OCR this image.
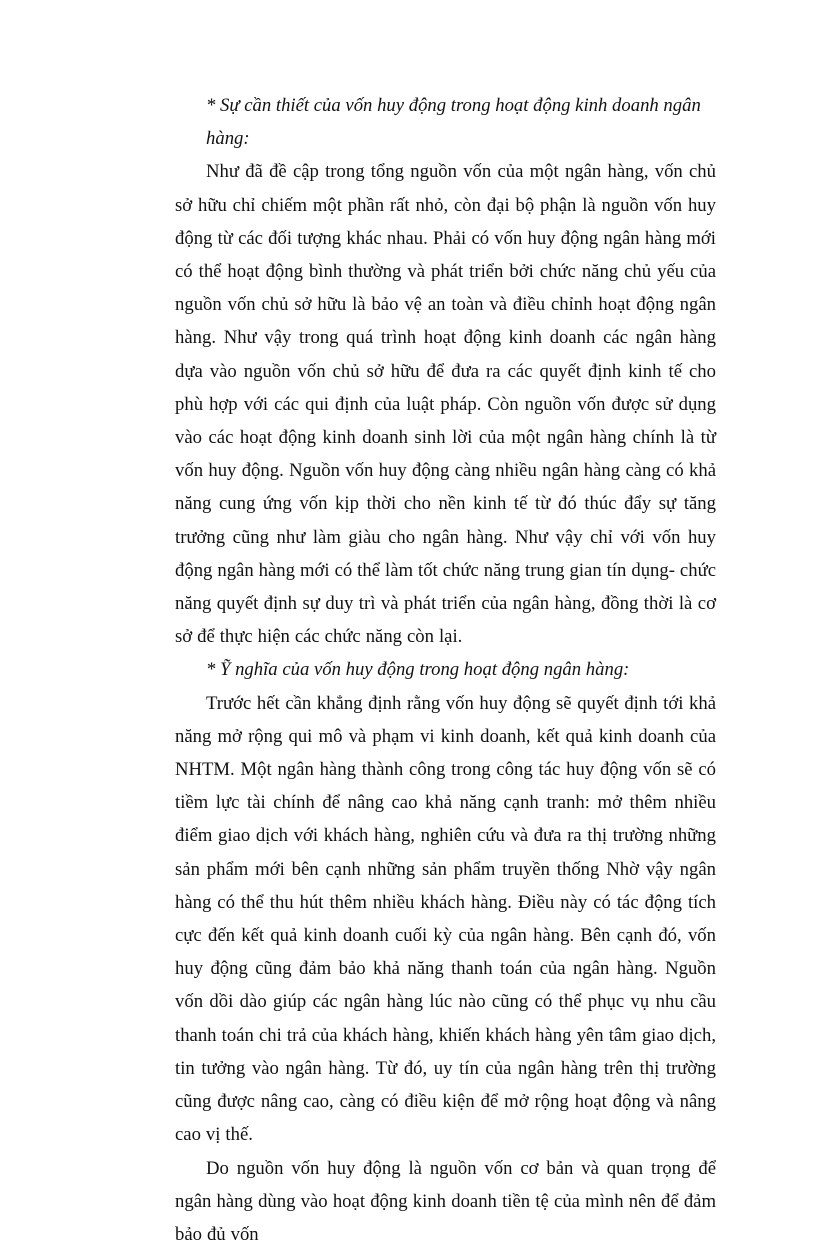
* Sự cần thiết của vốn huy động trong hoạt động kinh doanh ngân hàng:

Như đã đề cập trong tổng nguồn vốn của một ngân hàng, vốn chủ sở hữu chỉ chiếm một phần rất nhỏ, còn đại bộ phận là nguồn vốn huy động từ các đối tượng khác nhau. Phải có vốn huy động ngân hàng mới có thể hoạt động bình thường và phát triển bởi chức năng chủ yếu của nguồn vốn chủ sở hữu là bảo vệ an toàn và điều chỉnh hoạt động ngân hàng. Như vậy trong quá trình hoạt động kinh doanh các ngân hàng dựa vào nguồn vốn chủ sở hữu để đưa ra các quyết định kinh tế cho phù hợp với các qui định của luật pháp. Còn nguồn vốn được sử dụng vào các hoạt động kinh doanh sinh lời của một ngân hàng chính là từ vốn huy động. Nguồn vốn huy động càng nhiều ngân hàng càng có khả năng cung ứng vốn kịp thời cho nền kinh tế từ đó thúc đẩy sự tăng trưởng cũng như làm giàu cho ngân hàng. Như vậy chỉ với vốn huy động ngân hàng mới có thể làm tốt chức năng trung gian tín dụng- chức năng quyết định sự duy trì và phát triển của ngân hàng, đồng thời là cơ sở để thực hiện các chức năng còn lại.

* Ỹ nghĩa của vốn huy động trong hoạt động ngân hàng:

Trước hết cần khẳng định rằng vốn huy động sẽ quyết định tới khả năng mở rộng qui mô và phạm vi kinh doanh, kết quả kinh doanh của NHTM. Một ngân hàng thành công trong công tác huy động vốn sẽ có tiềm lực tài chính để nâng cao khả năng cạnh tranh: mở thêm nhiều điểm giao dịch với khách hàng, nghiên cứu và đưa ra thị trường những sản phẩm mới bên cạnh những sản phẩm truyền thống Nhờ vậy ngân hàng có thể thu hút thêm nhiều khách hàng. Điều này có tác động tích cực đến kết quả kinh doanh cuối kỳ của ngân hàng. Bên cạnh đó, vốn huy động cũng đảm bảo khả năng thanh toán của ngân hàng. Nguồn vốn dồi dào giúp các ngân hàng lúc nào cũng có thể phục vụ nhu cầu thanh toán chi trả của khách hàng, khiến khách hàng yên tâm giao dịch, tin tưởng vào ngân hàng. Từ đó, uy tín của ngân hàng trên thị trường cũng được nâng cao, càng có điều kiện để mở rộng hoạt động và nâng cao vị thế.

Do nguồn vốn huy động là nguồn vốn cơ bản và quan trọng để ngân hàng dùng vào hoạt động kinh doanh tiền tệ của mình nên để đảm bảo đủ vốn
